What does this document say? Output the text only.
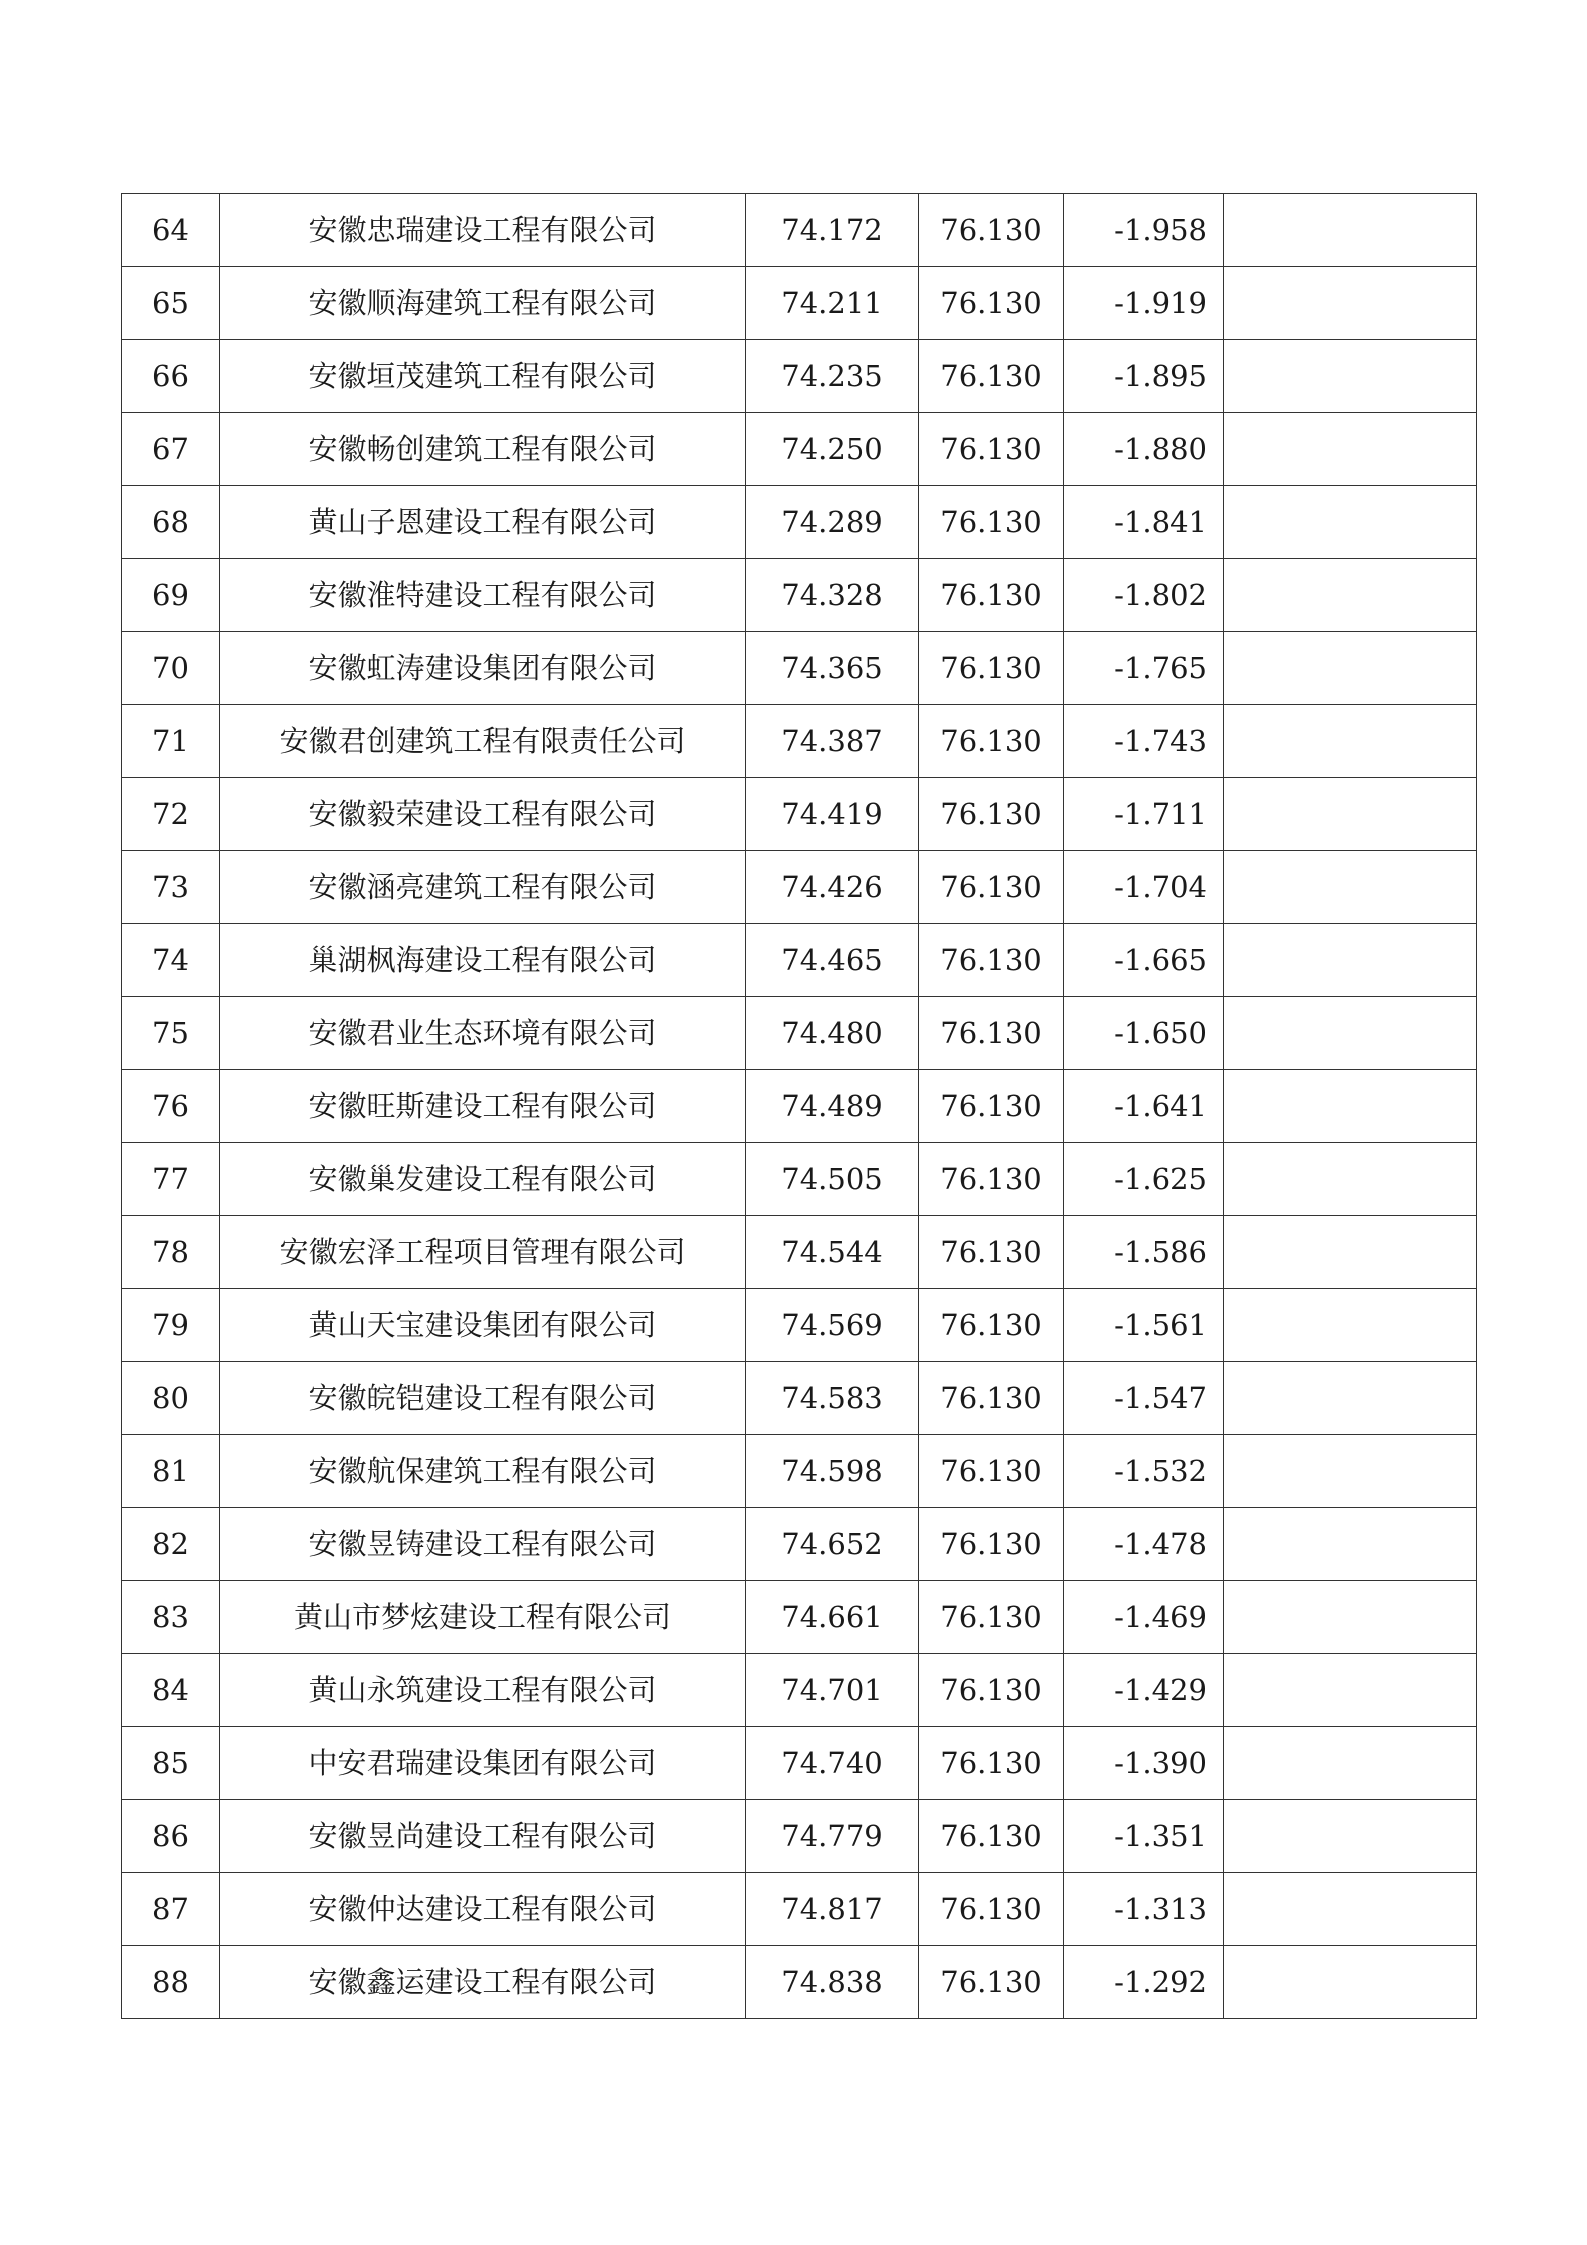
64	安徽忠瑞建设工程有限公司	74.172	76.130	-1.958	
65	安徽顺海建筑工程有限公司	74.211	76.130	-1.919	
66	安徽垣茂建筑工程有限公司	74.235	76.130	-1.895	
67	安徽畅创建筑工程有限公司	74.250	76.130	-1.880	
68	黄山子恩建设工程有限公司	74.289	76.130	-1.841	
69	安徽淮特建设工程有限公司	74.328	76.130	-1.802	
70	安徽虹涛建设集团有限公司	74.365	76.130	-1.765	
71	安徽君创建筑工程有限责任公司	74.387	76.130	-1.743	
72	安徽毅荣建设工程有限公司	74.419	76.130	-1.711	
73	安徽涵亮建筑工程有限公司	74.426	76.130	-1.704	
74	巢湖枫海建设工程有限公司	74.465	76.130	-1.665	
75	安徽君业生态环境有限公司	74.480	76.130	-1.650	
76	安徽旺斯建设工程有限公司	74.489	76.130	-1.641	
77	安徽巢发建设工程有限公司	74.505	76.130	-1.625	
78	安徽宏泽工程项目管理有限公司	74.544	76.130	-1.586	
79	黄山天宝建设集团有限公司	74.569	76.130	-1.561	
80	安徽皖铠建设工程有限公司	74.583	76.130	-1.547	
81	安徽航保建筑工程有限公司	74.598	76.130	-1.532	
82	安徽昱铸建设工程有限公司	74.652	76.130	-1.478	
83	黄山市梦炫建设工程有限公司	74.661	76.130	-1.469	
84	黄山永筑建设工程有限公司	74.701	76.130	-1.429	
85	中安君瑞建设集团有限公司	74.740	76.130	-1.390	
86	安徽昱尚建设工程有限公司	74.779	76.130	-1.351	
87	安徽仲达建设工程有限公司	74.817	76.130	-1.313	
88	安徽鑫运建设工程有限公司	74.838	76.130	-1.292	
